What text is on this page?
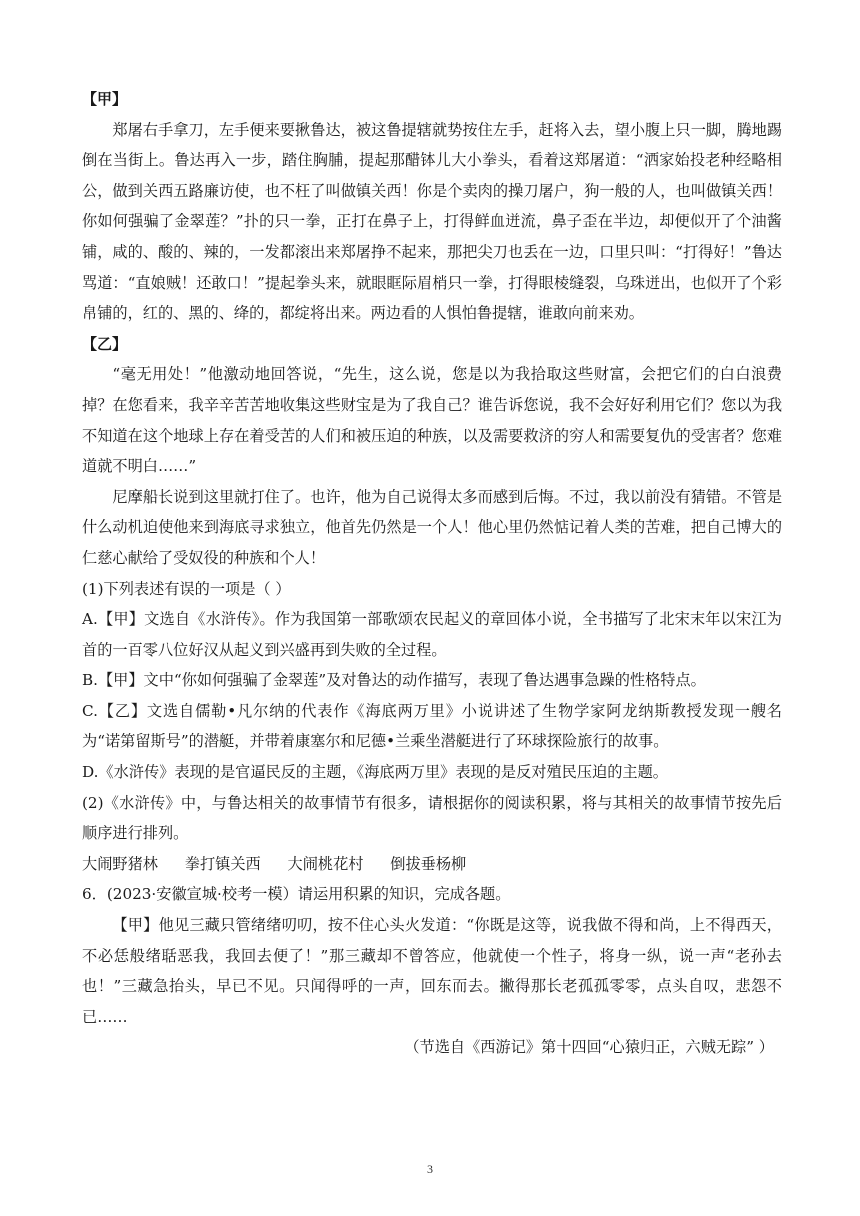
【甲】

郑屠右手拿刀，左手便来要揪鲁达，被这鲁提辖就势按住左手，赶将入去，望小腹上只一脚，腾地踢倒在当街上。鲁达再入一步，踏住胸脯，提起那醋钵儿大小拳头，看着这郑屠道：“洒家始投老种经略相公，做到关西五路廉访使，也不枉了叫做镇关西！你是个卖肉的操刀屠户，狗一般的人，也叫做镇关西！你如何强骗了金翠莲？”扑的只一拳，正打在鼻子上，打得鲜血迸流，鼻子歪在半边，却便似开了个油酱铺，咸的、酸的、辣的，一发都滚出来郑屠挣不起来，那把尖刀也丢在一边，口里只叫：“打得好！”鲁达骂道：“直娘贼！还敢口！”提起拳头来，就眼眶际眉梢只一拳，打得眼棱缝裂，乌珠迸出，也似开了个彩帛铺的，红的、黑的、绛的，都绽将出来。两边看的人惧怕鲁提辖，谁敢向前来劝。

【乙】

“毫无用处！”他激动地回答说，“先生，这么说，您是以为我拾取这些财富，会把它们的白白浪费掉？在您看来，我辛辛苦苦地收集这些财宝是为了我自己？谁告诉您说，我不会好好利用它们？您以为我不知道在这个地球上存在着受苦的人们和被压迫的种族，以及需要救济的穷人和需要复仇的受害者？您难道就不明白……”

尼摩船长说到这里就打住了。也许，他为自己说得太多而感到后悔。不过，我以前没有猜错。不管是什么动机迫使他来到海底寻求独立，他首先仍然是一个人！他心里仍然惦记着人类的苦难，把自己博大的仁慈心献给了受奴役的种族和个人！

(1)下列表述有误的一项是（ ）

A.【甲】文选自《水浒传》。作为我国第一部歌颂农民起义的章回体小说，全书描写了北宋末年以宋江为首的一百零八位好汉从起义到兴盛再到失败的全过程。

B.【甲】文中“你如何强骗了金翠莲”及对鲁达的动作描写，表现了鲁达遇事急躁的性格特点。

C.【乙】文选自儒勒•凡尔纳的代表作《海底两万里》小说讲述了生物学家阿龙纳斯教授发现一艘名为“诺第留斯号”的潜艇，并带着康塞尔和尼德•兰乘坐潜艇进行了环球探险旅行的故事。

D.《水浒传》表现的是官逼民反的主题，《海底两万里》表现的是反对殖民压迫的主题。

(2)《水浒传》中，与鲁达相关的故事情节有很多，请根据你的阅读积累，将与其相关的故事情节按先后顺序进行排列。

大闹野猪林 拳打镇关西 大闹桃花村 倒拔垂杨柳

6．(2023·安徽宣城·校考一模）请运用积累的知识，完成各题。

【甲】他见三藏只管绪绪叨叨，按不住心头火发道：“你既是这等，说我做不得和尚，上不得西天，不必恁般绪聒恶我，我回去便了！”那三藏却不曾答应，他就使一个性子，将身一纵，说一声“老孙去也！”三藏急抬头，早已不见。只闻得呼的一声，回东而去。撇得那长老孤孤零零，点头自叹，悲怨不已……

（节选自《西游记》第十四回“心猿归正，六贼无踪” ）

3
